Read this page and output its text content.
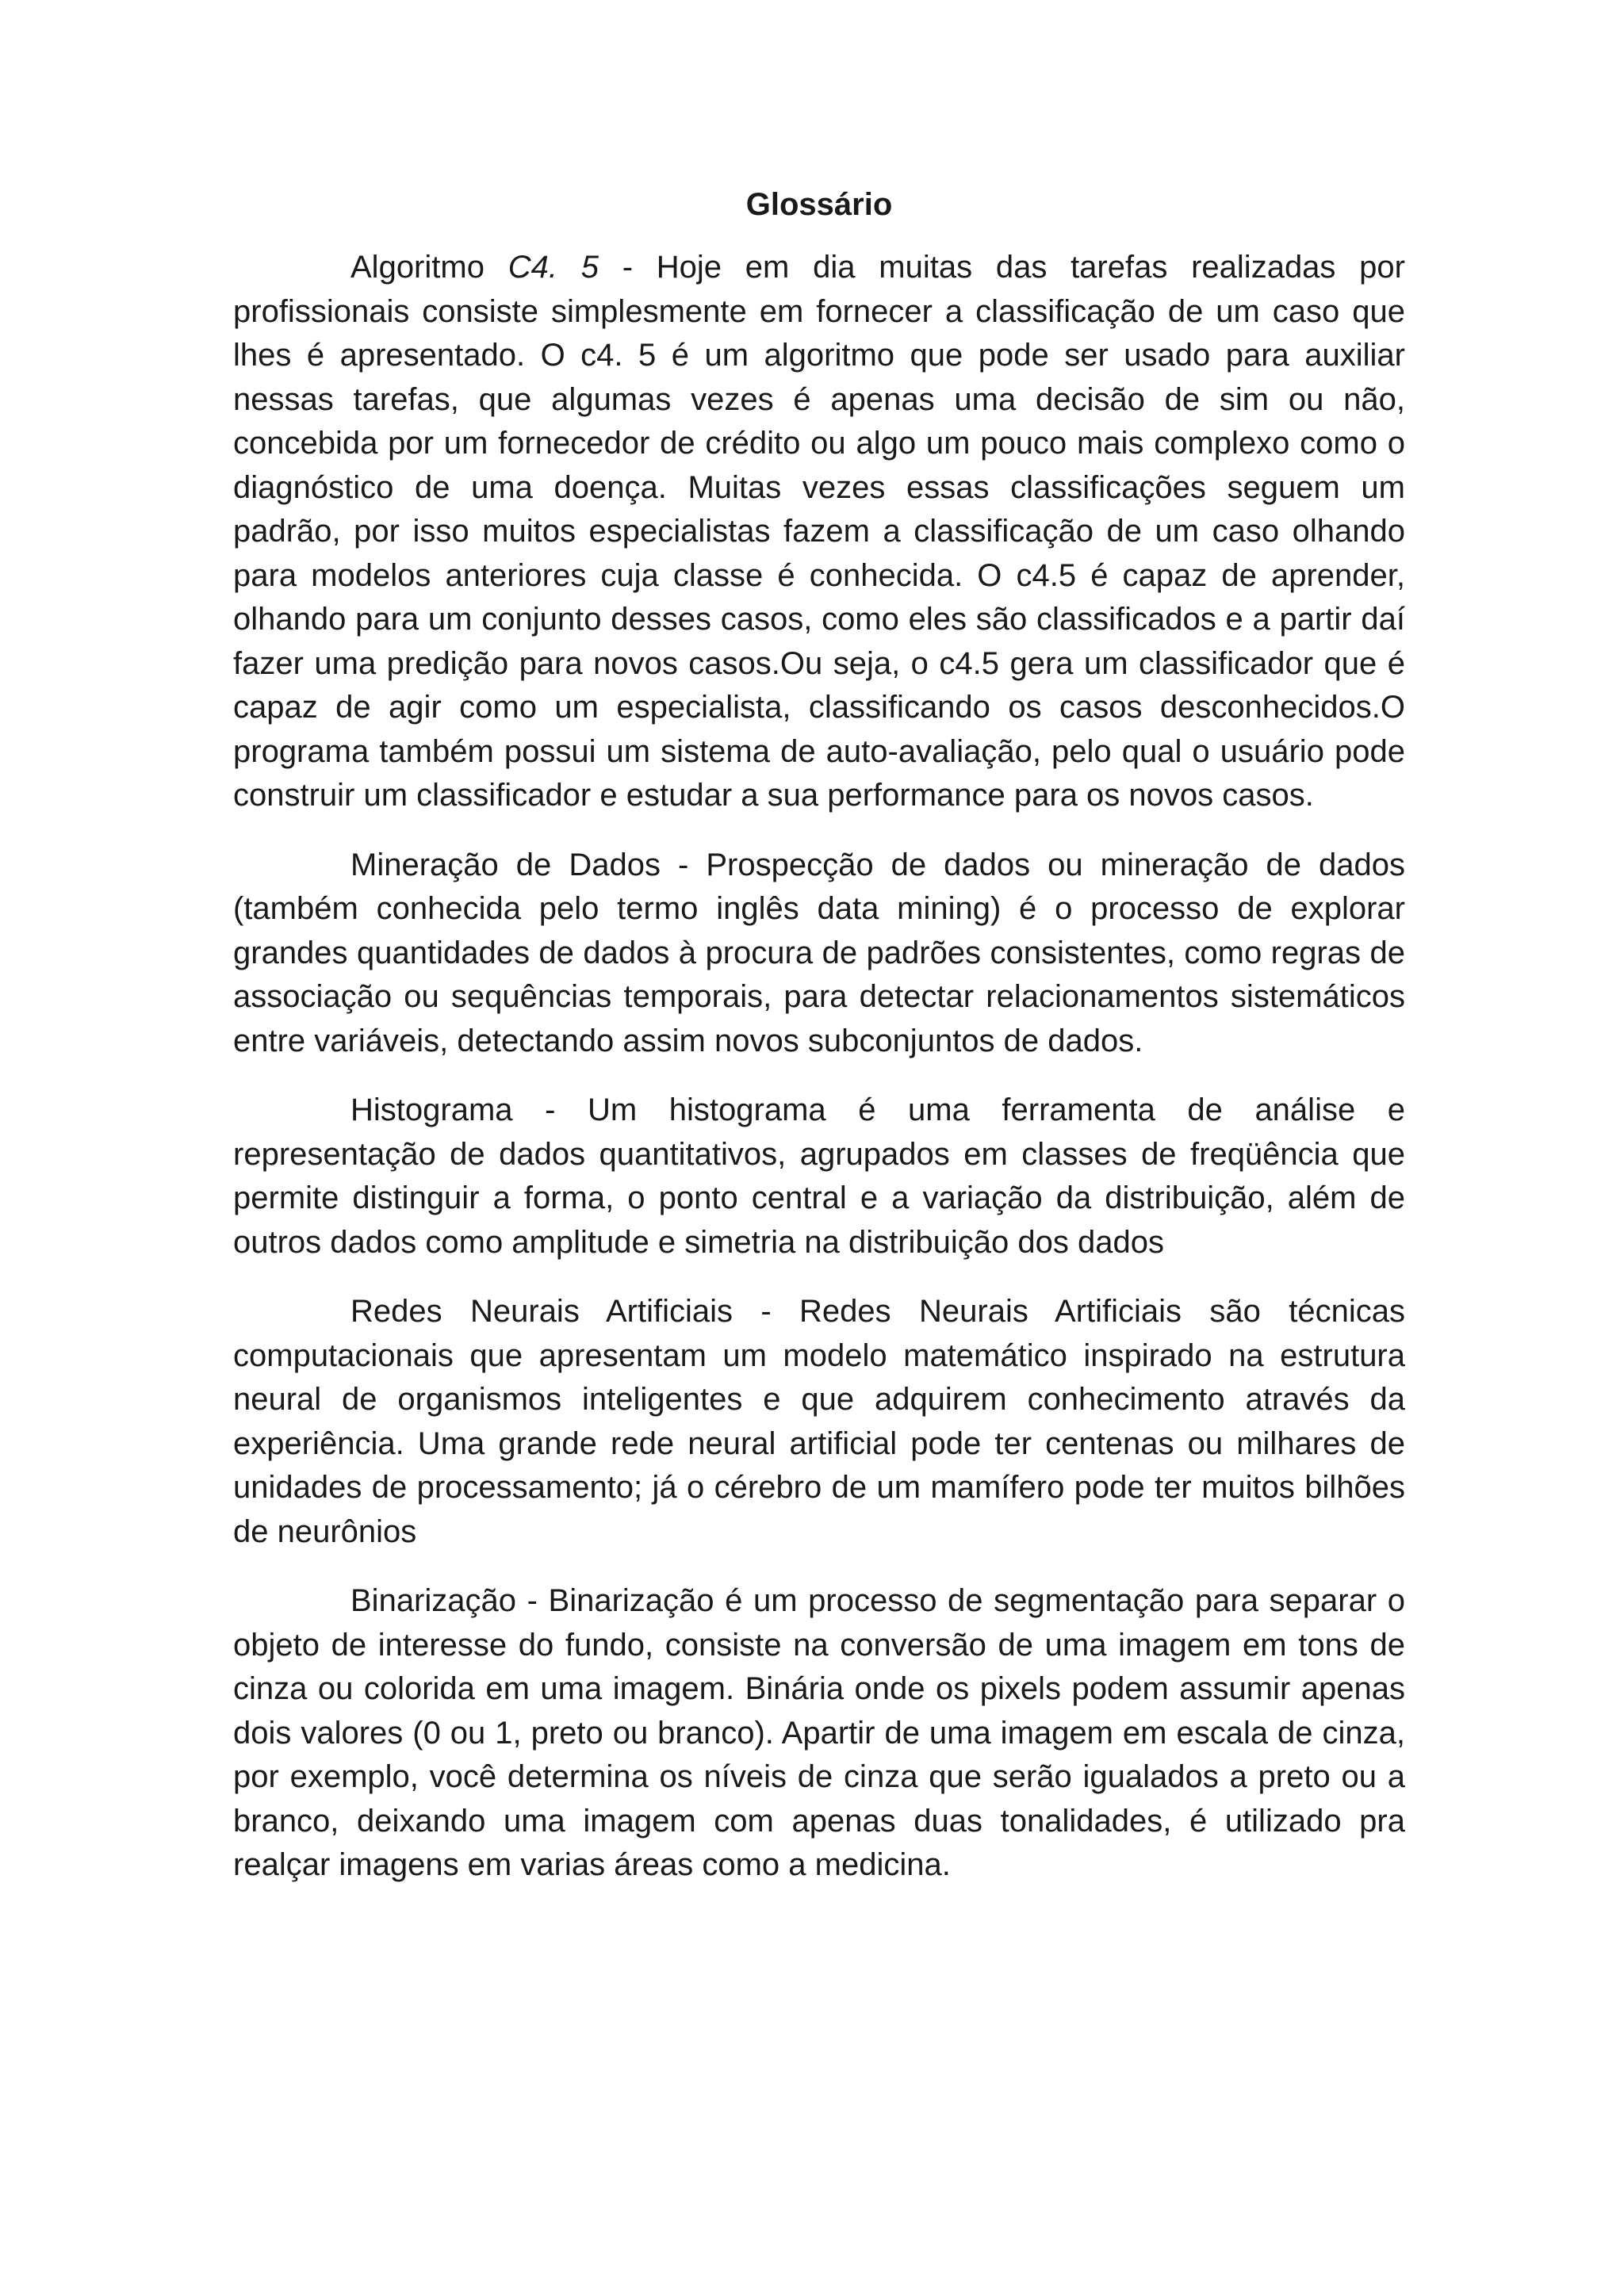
Glossário

Algoritmo C4. 5 - Hoje em dia muitas das tarefas realizadas por profissionais consiste simplesmente em fornecer a classificação de um caso que lhes é apresentado. O c4. 5 é um algoritmo que pode ser usado para auxiliar nessas tarefas, que algumas vezes é apenas uma decisão de sim ou não, concebida por um fornecedor de crédito ou algo um pouco mais complexo como o diagnóstico de uma doença. Muitas vezes essas classificações seguem um padrão, por isso muitos especialistas fazem a classificação de um caso olhando para modelos anteriores cuja classe é conhecida. O c4.5 é capaz de aprender, olhando para um conjunto desses casos, como eles são classificados e a partir daí fazer uma predição para novos casos.Ou seja, o c4.5 gera um classificador que é capaz de agir como um especialista, classificando os casos desconhecidos.O programa também possui um sistema de auto-avaliação, pelo qual o usuário pode construir um classificador e estudar a sua performance para os novos casos.

Mineração de Dados - Prospecção de dados ou mineração de dados (também conhecida pelo termo inglês data mining) é o processo de explorar grandes quantidades de dados à procura de padrões consistentes, como regras de associação ou sequências temporais, para detectar relacionamentos sistemáticos entre variáveis, detectando assim novos subconjuntos de dados.

Histograma - Um histograma é uma ferramenta de análise e representação de dados quantitativos, agrupados em classes de freqüência que permite distinguir a forma, o ponto central e a variação da distribuição, além de outros dados como amplitude e simetria na distribuição dos dados

Redes Neurais Artificiais - Redes Neurais Artificiais são técnicas computacionais que apresentam um modelo matemático inspirado na estrutura neural de organismos inteligentes e que adquirem conhecimento através da experiência. Uma grande rede neural artificial pode ter centenas ou milhares de unidades de processamento; já o cérebro de um mamífero pode ter muitos bilhões de neurônios

Binarização - Binarização é um processo de segmentação para separar o objeto de interesse do fundo, consiste na conversão de uma imagem em tons de cinza ou colorida em uma imagem. Binária onde os pixels podem assumir apenas dois valores (0 ou 1, preto ou branco). Apartir de uma imagem em escala de cinza, por exemplo, você determina os níveis de cinza que serão igualados a preto ou a branco, deixando uma imagem com apenas duas tonalidades, é utilizado pra realçar imagens em varias áreas como a medicina.
